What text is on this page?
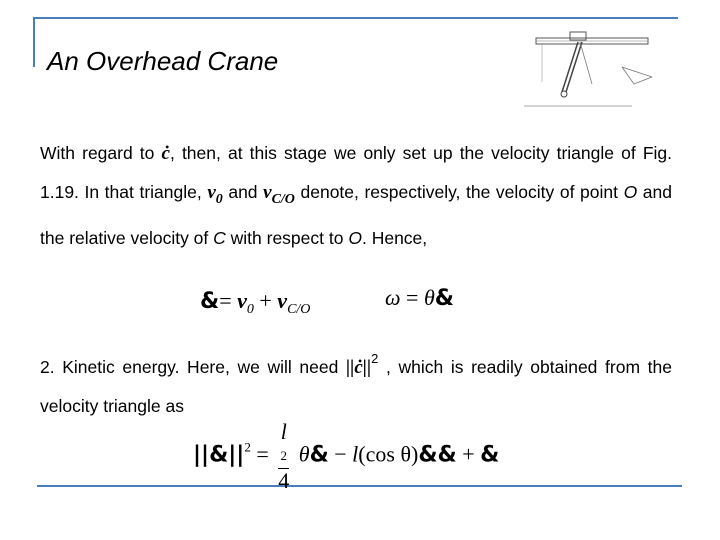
An Overhead Crane
With regard to ċ, then, at this stage we only set up the velocity triangle of Fig. 1.19. In that triangle, $v_0$ and $v_{C/O}$ denote, respectively, the velocity of point O and the relative velocity of C with respect to O. Hence,
&= $v_0 + v_{C/O}$	ω = θ&
2. Kinetic energy. Here, we will need $||ċ||^2$ , which is readily obtained from the velocity triangle as
$||\&||^2 = l$
2
4 θ& − l(cos θ)&& + &
